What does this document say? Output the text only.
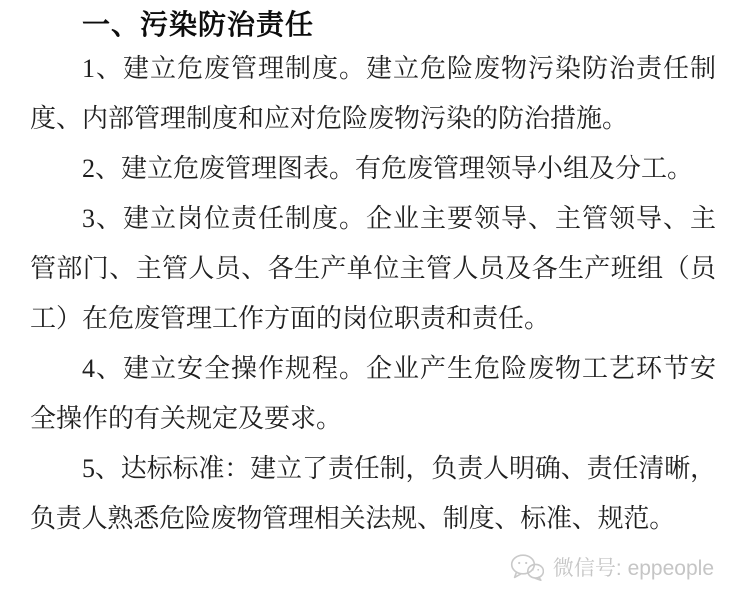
一、污染防治责任

1、建立危废管理制度。建立危险废物污染防治责任制度、内部管理制度和应对危险废物污染的防治措施。

2、建立危废管理图表。有危废管理领导小组及分工。

3、建立岗位责任制度。企业主要领导、主管领导、主管部门、主管人员、各生产单位主管人员及各生产班组（员工）在危废管理工作方面的岗位职责和责任。

4、建立安全操作规程。企业产生危险废物工艺环节安全操作的有关规定及要求。

5、达标标准：建立了责任制，负责人明确、责任清晰，负责人熟悉危险废物管理相关法规、制度、标准、规范。

微信号: eppeople
